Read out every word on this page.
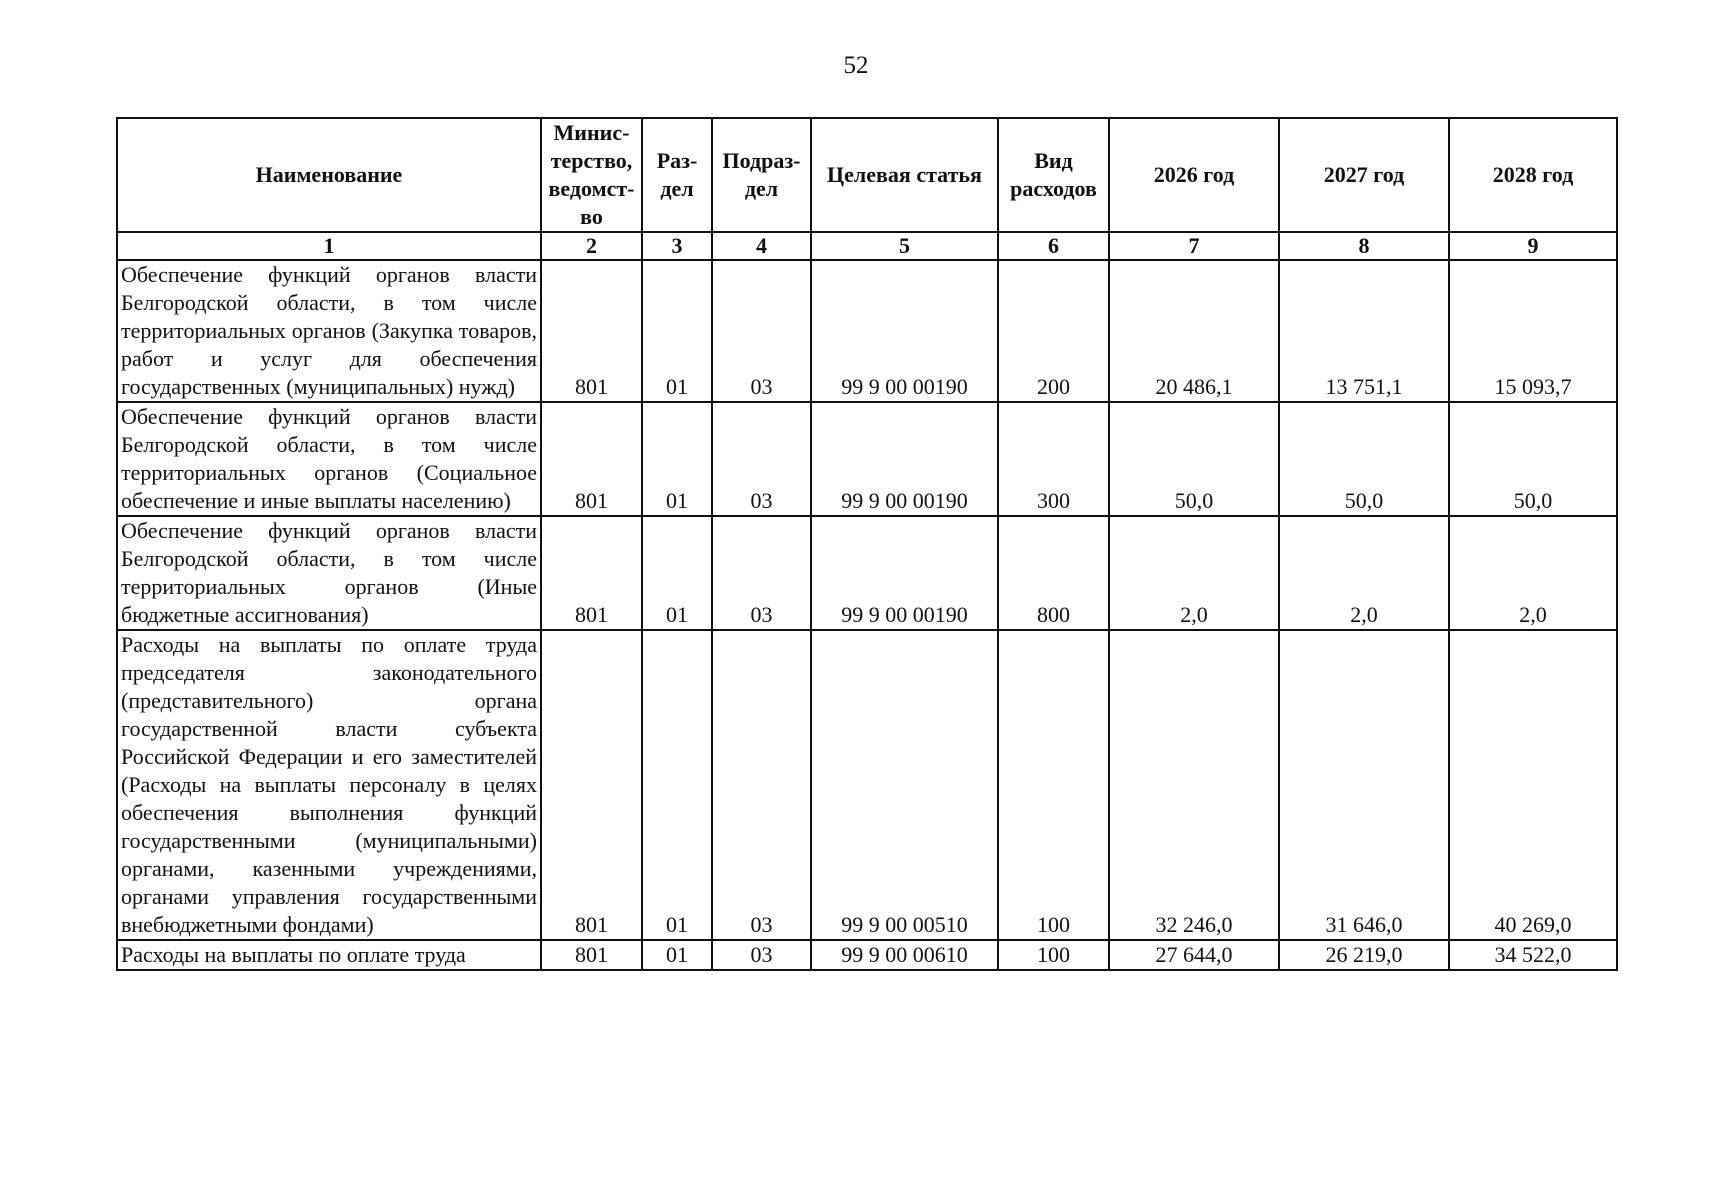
52
Наименование	Минис-терство, ведомст-во	Раз-дел	Подраз-дел	Целевая статья	Вид расходов	2026 год	2027 год	2028 год
1	2	3	4	5	6	7	8	9
Обеспечение функций органов власти Белгородской области, в том числе территориальных органов (Закупка товаров, работ и услуг для обеспечения государственных (муниципальных) нужд)	801	01	03	99 9 00 00190	200	20 486,1	13 751,1	15 093,7
Обеспечение функций органов власти Белгородской области, в том числе территориальных органов (Социальное обеспечение и иные выплаты населению)	801	01	03	99 9 00 00190	300	50,0	50,0	50,0
Обеспечение функций органов власти Белгородской области, в том числе территориальных органов (Иные бюджетные ассигнования)	801	01	03	99 9 00 00190	800	2,0	2,0	2,0
Расходы на выплаты по оплате труда председателя законодательного (представительного) органа государственной власти субъекта Российской Федерации и его заместителей (Расходы на выплаты персоналу в целях обеспечения выполнения функций государственными (муниципальными) органами, казенными учреждениями, органами управления государственными внебюджетными фондами)	801	01	03	99 9 00 00510	100	32 246,0	31 646,0	40 269,0
Расходы на выплаты по оплате труда	801	01	03	99 9 00 00610	100	27 644,0	26 219,0	34 522,0
